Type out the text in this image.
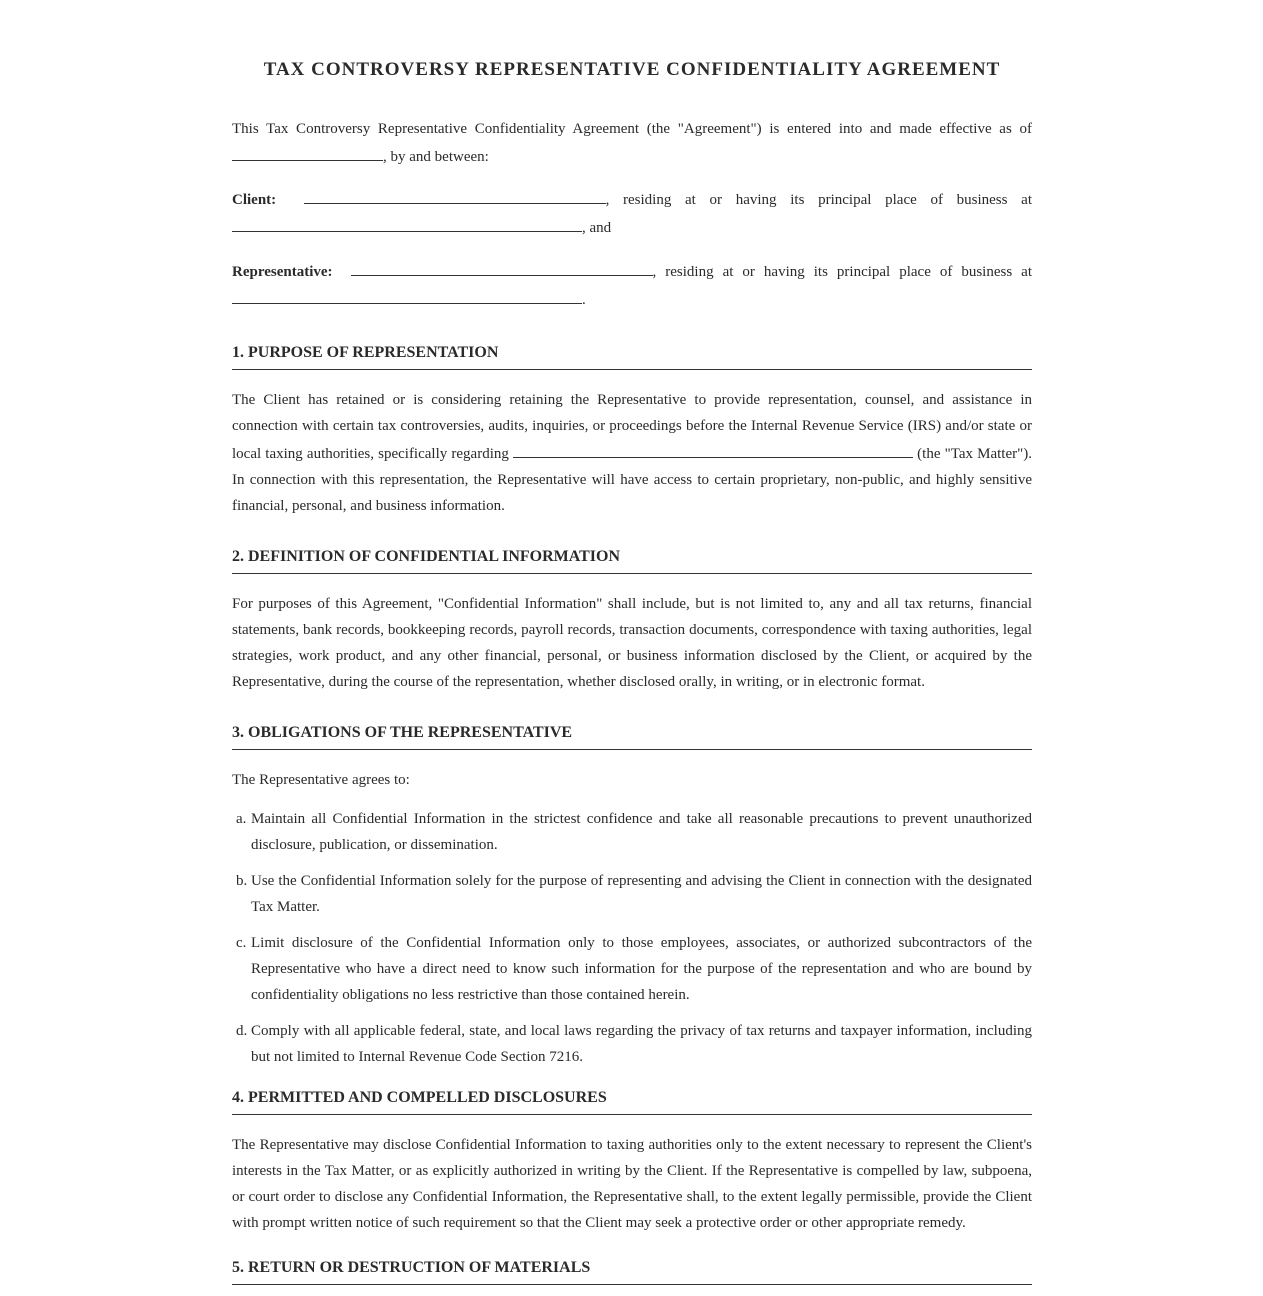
TAX CONTROVERSY REPRESENTATIVE CONFIDENTIALITY AGREEMENT

This Tax Controversy Representative Confidentiality Agreement (the "Agreement") is entered into and made effective as of , by and between:

Client:	, residing at or having its principal place of business at , and

Representative:	, residing at or having its principal place of business at .

1. PURPOSE OF REPRESENTATION

The Client has retained or is considering retaining the Representative to provide representation, counsel, and assistance in connection with certain tax controversies, audits, inquiries, or proceedings before the Internal Revenue Service (IRS) and/or state or local taxing authorities, specifically regarding	(the "Tax Matter"). In connection with this representation, the Representative will have access to certain proprietary, non-public, and highly sensitive financial, personal, and business information.

2. DEFINITION OF CONFIDENTIAL INFORMATION

For purposes of this Agreement, "Confidential Information" shall include, but is not limited to, any and all tax returns, financial statements, bank records, bookkeeping records, payroll records, transaction documents, correspondence with taxing authorities, legal strategies, work product, and any other financial, personal, or business information disclosed by the Client, or acquired by the Representative, during the course of the representation, whether disclosed orally, in writing, or in electronic format.

3. OBLIGATIONS OF THE REPRESENTATIVE

The Representative agrees to:

a. Maintain all Confidential Information in the strictest confidence and take all reasonable precautions to prevent unauthorized disclosure, publication, or dissemination.

b. Use the Confidential Information solely for the purpose of representing and advising the Client in connection with the designated Tax Matter.

c. Limit disclosure of the Confidential Information only to those employees, associates, or authorized subcontractors of the Representative who have a direct need to know such information for the purpose of the representation and who are bound by confidentiality obligations no less restrictive than those contained herein.

d. Comply with all applicable federal, state, and local laws regarding the privacy of tax returns and taxpayer information, including but not limited to Internal Revenue Code Section 7216.

4. PERMITTED AND COMPELLED DISCLOSURES

The Representative may disclose Confidential Information to taxing authorities only to the extent necessary to represent the Client's interests in the Tax Matter, or as explicitly authorized in writing by the Client. If the Representative is compelled by law, subpoena, or court order to disclose any Confidential Information, the Representative shall, to the extent legally permissible, provide the Client with prompt written notice of such requirement so that the Client may seek a protective order or other appropriate remedy.

5. RETURN OR DESTRUCTION OF MATERIALS
